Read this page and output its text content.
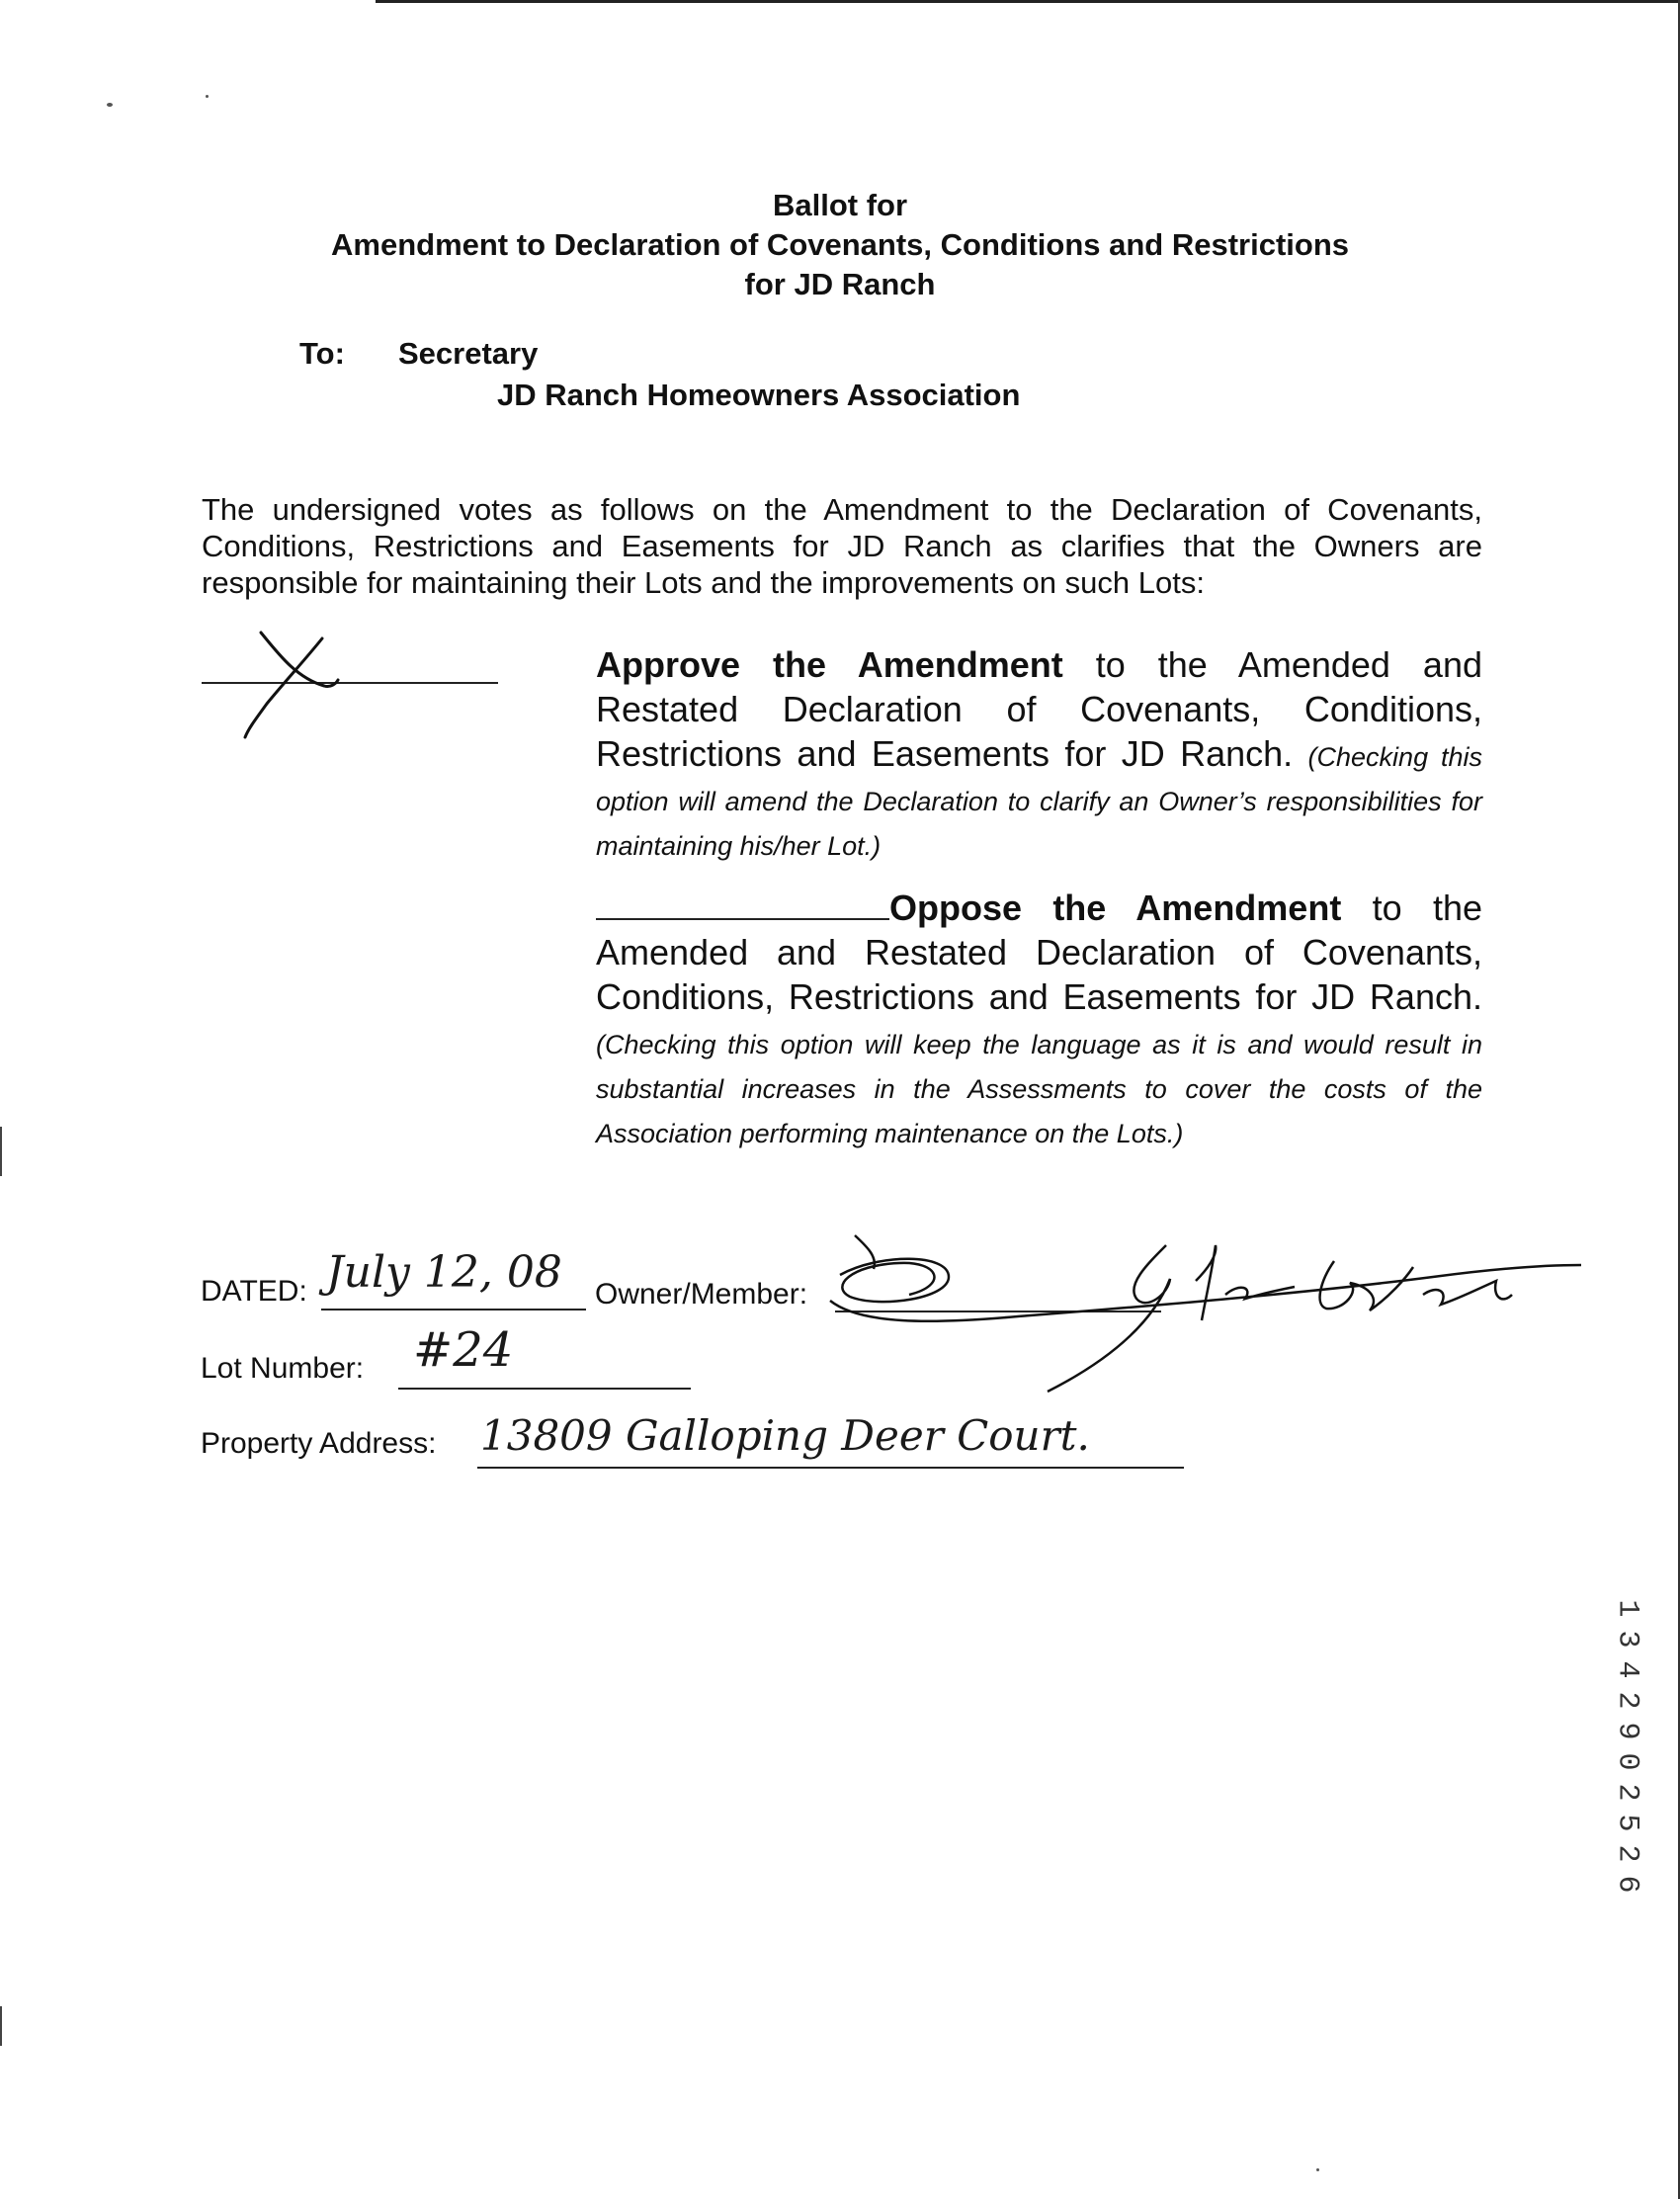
Ballot for
Amendment to Declaration of Covenants, Conditions and Restrictions
for JD Ranch
To: Secretary
JD Ranch Homeowners Association
The undersigned votes as follows on the Amendment to the Declaration of Covenants, Conditions, Restrictions and Easements for JD Ranch as clarifies that the Owners are responsible for maintaining their Lots and the improvements on such Lots:
Approve the Amendment to the Amended and Restated Declaration of Covenants, Conditions, Restrictions and Easements for JD Ranch. (Checking this option will amend the Declaration to clarify an Owner’s responsibilities for maintaining his/her Lot.)
Oppose the Amendment to the Amended and Restated Declaration of Covenants, Conditions, Restrictions and Easements for JD Ranch. (Checking this option will keep the language as it is and would result in substantial increases in the Assessments to cover the costs of the Association performing maintenance on the Lots.)
DATED: July 12, 08 Owner/Member:
Lot Number: #24
Property Address: 13809 Galloping Deer Court.
1
3
4
2
9
0
2
5
2
6
